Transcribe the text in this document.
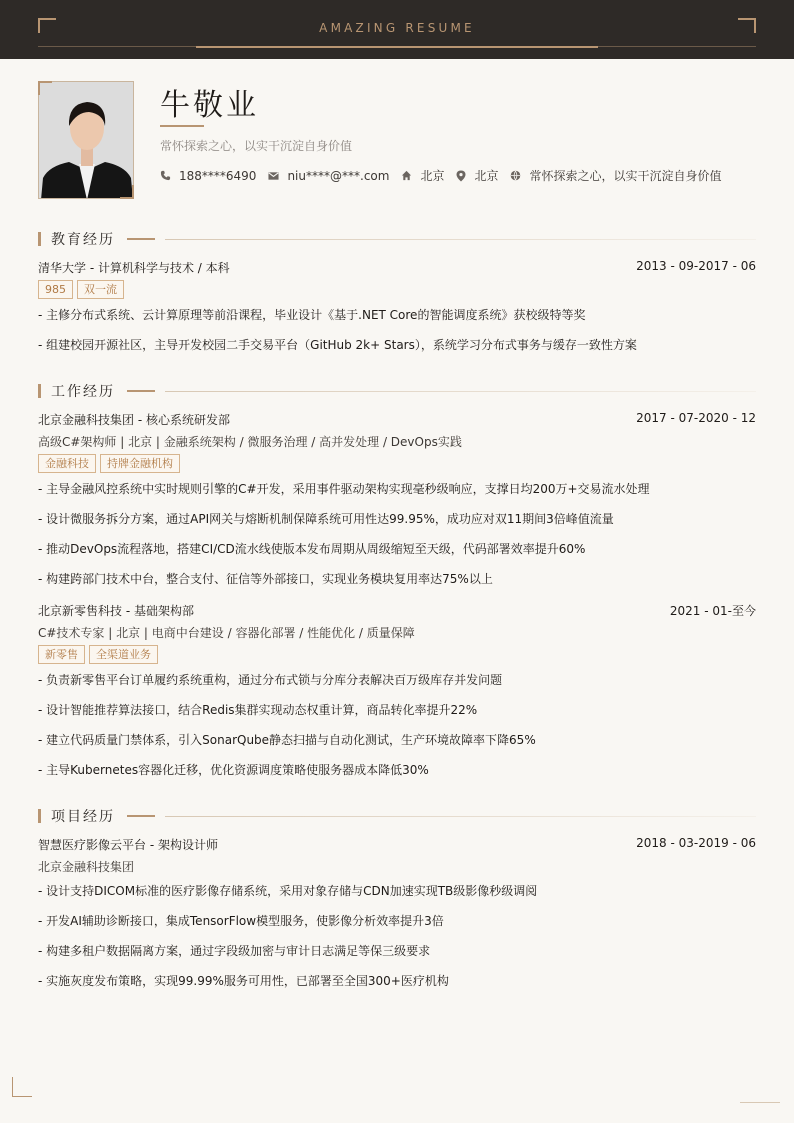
AMAZING RESUME
牛敬业
常怀探索之心，以实干沉淀自身价值
188****6490	niu****@***.com	北京	北京	常怀探索之心，以实干沉淀自身价值
教育经历
清华大学 - 计算机科学与技术 / 本科	2013 - 09-2017 - 06
985	双一流
- 主修分布式系统、云计算原理等前沿课程，毕业设计《基于.NET Core的智能调度系统》获校级特等奖
- 组建校园开源社区，主导开发校园二手交易平台（GitHub 2k+ Stars），系统学习分布式事务与缓存一致性方案
工作经历
北京金融科技集团 - 核心系统研发部	2017 - 07-2020 - 12
高级C#架构师 | 北京 | 金融系统架构 / 微服务治理 / 高并发处理 / DevOps实践
金融科技	持牌金融机构
- 主导金融风控系统中实时规则引擎的C#开发，采用事件驱动架构实现毫秒级响应，支撑日均200万+交易流水处理
- 设计微服务拆分方案，通过API网关与熔断机制保障系统可用性达99.95%，成功应对双11期间3倍峰值流量
- 推动DevOps流程落地，搭建CI/CD流水线使版本发布周期从周级缩短至天级，代码部署效率提升60%
- 构建跨部门技术中台，整合支付、征信等外部接口，实现业务模块复用率达75%以上
北京新零售科技 - 基础架构部	2021 - 01-至今
C#技术专家 | 北京 | 电商中台建设 / 容器化部署 / 性能优化 / 质量保障
新零售	全渠道业务
- 负责新零售平台订单履约系统重构，通过分布式锁与分库分表解决百万级库存并发问题
- 设计智能推荐算法接口，结合Redis集群实现动态权重计算，商品转化率提升22%
- 建立代码质量门禁体系，引入SonarQube静态扫描与自动化测试，生产环境故障率下降65%
- 主导Kubernetes容器化迁移，优化资源调度策略使服务器成本降低30%
项目经历
智慧医疗影像云平台 - 架构设计师	2018 - 03-2019 - 06
北京金融科技集团
- 设计支持DICOM标准的医疗影像存储系统，采用对象存储与CDN加速实现TB级影像秒级调阅
- 开发AI辅助诊断接口，集成TensorFlow模型服务，使影像分析效率提升3倍
- 构建多租户数据隔离方案，通过字段级加密与审计日志满足等保三级要求
- 实施灰度发布策略，实现99.99%服务可用性，已部署至全国300+医疗机构
